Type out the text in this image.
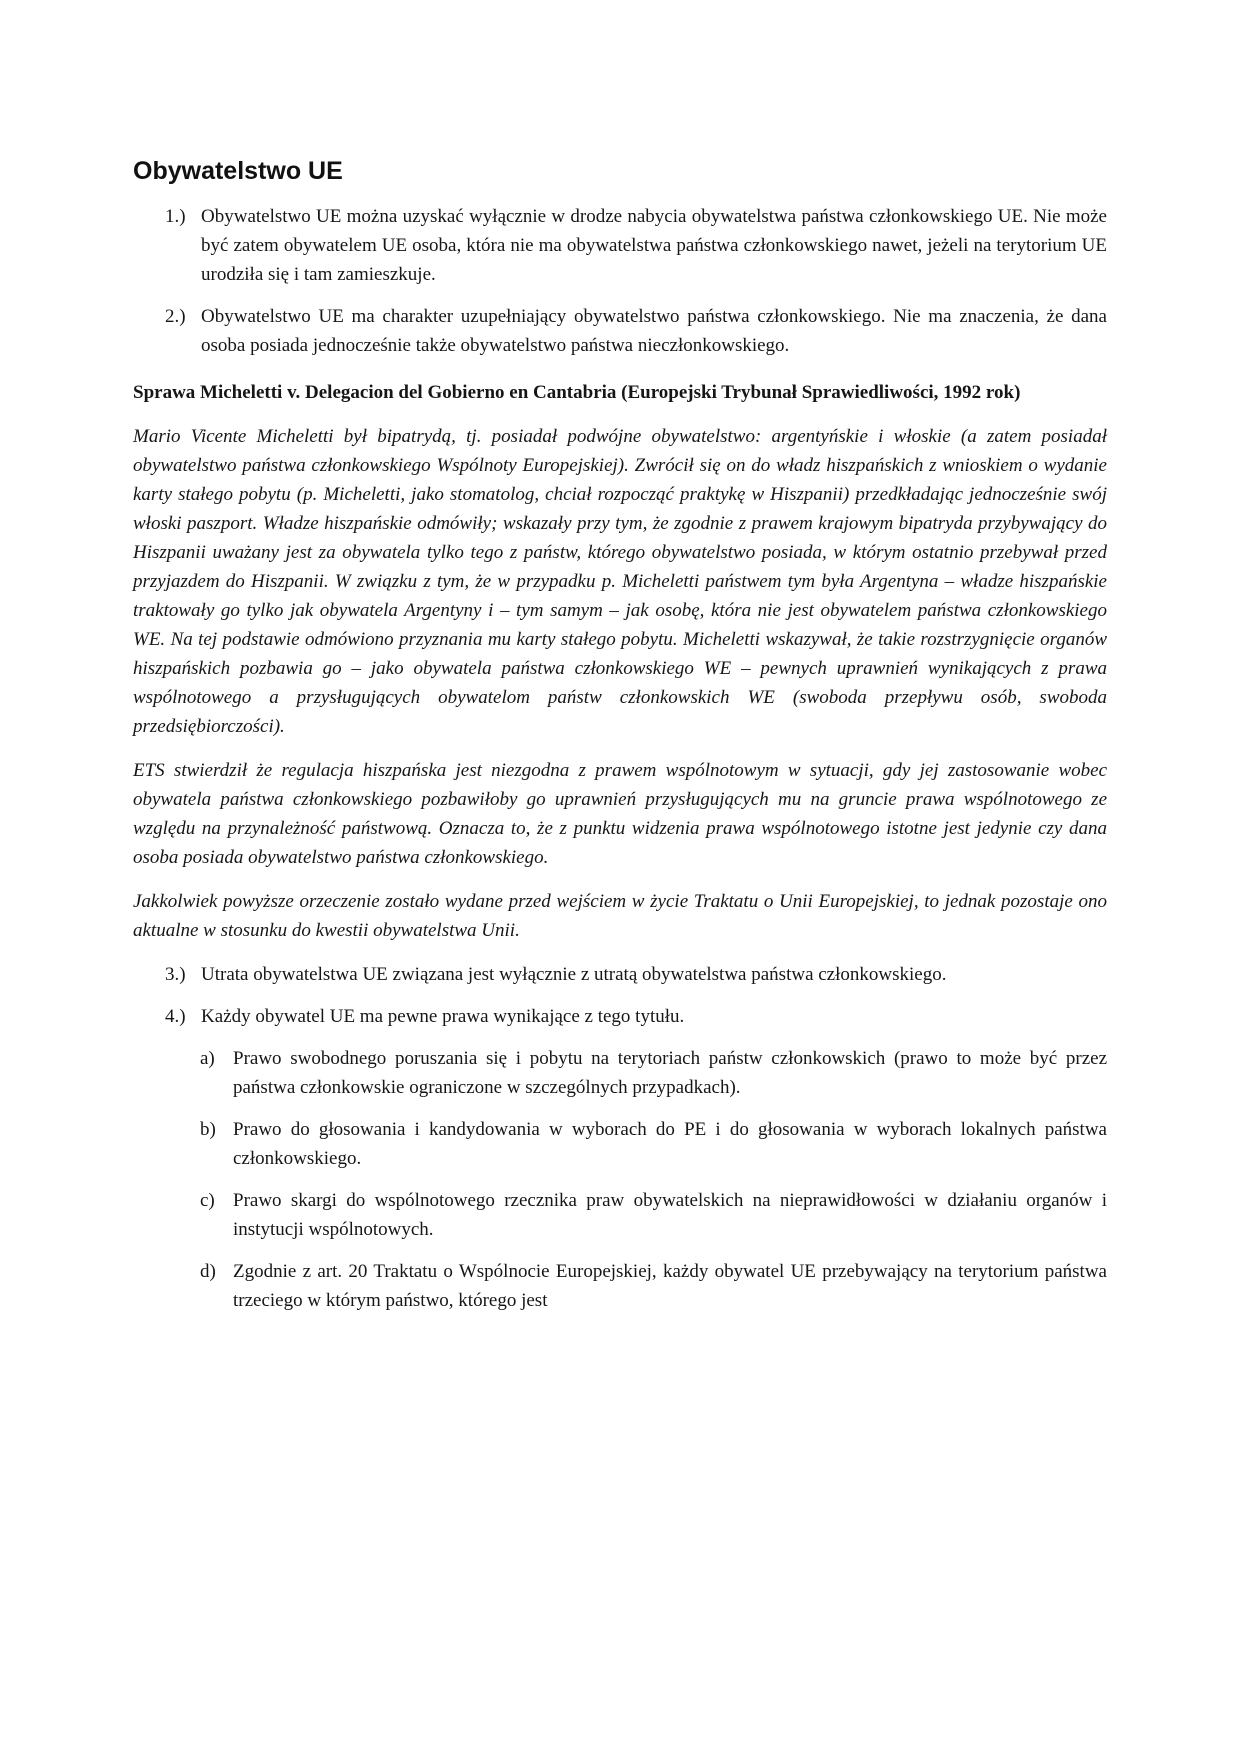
Obywatelstwo UE
1.) Obywatelstwo UE można uzyskać wyłącznie w drodze nabycia obywatelstwa państwa członkowskiego UE. Nie może być zatem obywatelem UE osoba, która nie ma obywatelstwa państwa członkowskiego nawet, jeżeli na terytorium UE urodziła się i tam zamieszkuje.
2.) Obywatelstwo UE ma charakter uzupełniający obywatelstwo państwa członkowskiego. Nie ma znaczenia, że dana osoba posiada jednocześnie także obywatelstwo państwa nieczłonkowskiego.
Sprawa Micheletti v. Delegacion del Gobierno en Cantabria (Europejski Trybunał Sprawiedliwości, 1992 rok)

Mario Vicente Micheletti był bipatrydą, tj. posiadał podwójne obywatelstwo: argentyńskie i włoskie (a zatem posiadał obywatelstwo państwa członkowskiego Wspólnoty Europejskiej). Zwrócił się on do władz hiszpańskich z wnioskiem o wydanie karty stałego pobytu (p. Micheletti, jako stomatolog, chciał rozpocząć praktykę w Hiszpanii) przedkładając jednocześnie swój włoski paszport. Władze hiszpańskie odmówiły; wskazały przy tym, że zgodnie z prawem krajowym bipatryda przybywający do Hiszpanii uważany jest za obywatela tylko tego z państw, którego obywatelstwo posiada, w którym ostatnio przebywał przed przyjazdem do Hiszpanii. W związku z tym, że w przypadku p. Micheletti państwem tym była Argentyna – władze hiszpańskie traktowały go tylko jak obywatela Argentyny i – tym samym – jak osobę, która nie jest obywatelem państwa członkowskiego WE. Na tej podstawie odmówiono przyznania mu karty stałego pobytu. Micheletti wskazywał, że takie rozstrzygnięcie organów hiszpańskich pozbawia go – jako obywatela państwa członkowskiego WE – pewnych uprawnień wynikających z prawa wspólnotowego a przysługujących obywatelom państw członkowskich WE (swoboda przepływu osób, swoboda przedsiębiorczości).

ETS stwierdził że regulacja hiszpańska jest niezgodna z prawem wspólnotowym w sytuacji, gdy jej zastosowanie wobec obywatela państwa członkowskiego pozbawiłoby go uprawnień przysługujących mu na gruncie prawa wspólnotowego ze względu na przynależność państwową. Oznacza to, że z punktu widzenia prawa wspólnotowego istotne jest jedynie czy dana osoba posiada obywatelstwo państwa członkowskiego.

Jakkolwiek powyższe orzeczenie zostało wydane przed wejściem w życie Traktatu o Unii Europejskiej, to jednak pozostaje ono aktualne w stosunku do kwestii obywatelstwa Unii.

3.) Utrata obywatelstwa UE związana jest wyłącznie z utratą obywatelstwa państwa członkowskiego.
4.) Każdy obywatel UE ma pewne prawa wynikające z tego tytułu.
a) Prawo swobodnego poruszania się i pobytu na terytoriach państw członkowskich (prawo to może być przez państwa członkowskie ograniczone w szczególnych przypadkach).
b) Prawo do głosowania i kandydowania w wyborach do PE i do głosowania w wyborach lokalnych państwa członkowskiego.
c) Prawo skargi do wspólnotowego rzecznika praw obywatelskich na nieprawidłowości w działaniu organów i instytucji wspólnotowych.
d) Zgodnie z art. 20 Traktatu o Wspólnocie Europejskiej, każdy obywatel UE przebywający na terytorium państwa trzeciego w którym państwo, którego jest
